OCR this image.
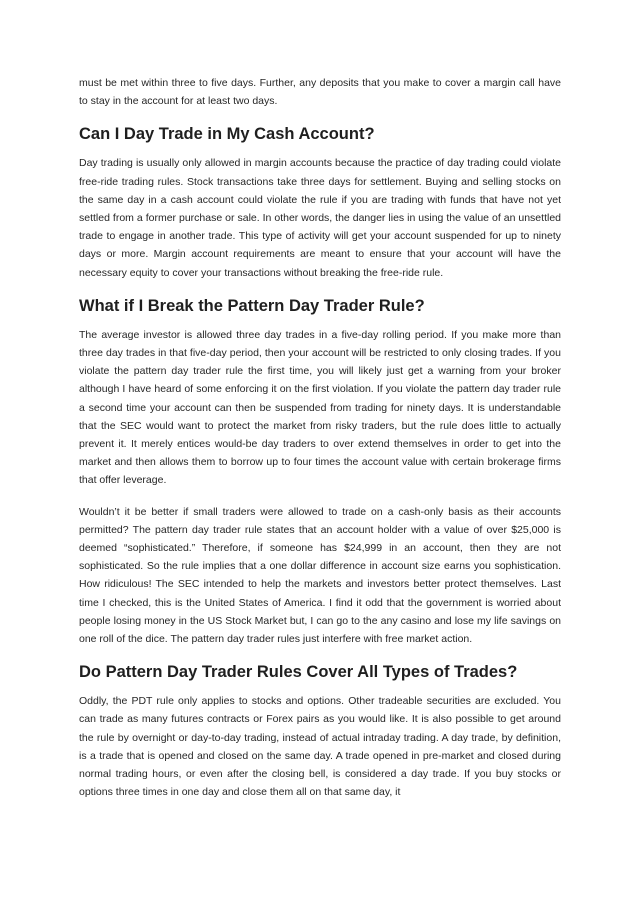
must be met within three to five days. Further, any deposits that you make to cover a margin call have to stay in the account for at least two days.

Can I Day Trade in My Cash Account?

Day trading is usually only allowed in margin accounts because the practice of day trading could violate free-ride trading rules. Stock transactions take three days for settlement. Buying and selling stocks on the same day in a cash account could violate the rule if you are trading with funds that have not yet settled from a former purchase or sale. In other words, the danger lies in using the value of an unsettled trade to engage in another trade. This type of activity will get your account suspended for up to ninety days or more. Margin account requirements are meant to ensure that your account will have the necessary equity to cover your transactions without breaking the free-ride rule.

What if I Break the Pattern Day Trader Rule?

The average investor is allowed three day trades in a five-day rolling period. If you make more than three day trades in that five-day period, then your account will be restricted to only closing trades. If you violate the pattern day trader rule the first time, you will likely just get a warning from your broker although I have heard of some enforcing it on the first violation. If you violate the pattern day trader rule a second time your account can then be suspended from trading for ninety days. It is understandable that the SEC would want to protect the market from risky traders, but the rule does little to actually prevent it. It merely entices would-be day traders to over extend themselves in order to get into the market and then allows them to borrow up to four times the account value with certain brokerage firms that offer leverage.

Wouldn’t it be better if small traders were allowed to trade on a cash-only basis as their accounts permitted? The pattern day trader rule states that an account holder with a value of over $25,000 is deemed “sophisticated.” Therefore, if someone has $24,999 in an account, then they are not sophisticated. So the rule implies that a one dollar difference in account size earns you sophistication. How ridiculous! The SEC intended to help the markets and investors better protect themselves. Last time I checked, this is the United States of America. I find it odd that the government is worried about people losing money in the US Stock Market but, I can go to the any casino and lose my life savings on one roll of the dice. The pattern day trader rules just interfere with free market action.

Do Pattern Day Trader Rules Cover All Types of Trades?

Oddly, the PDT rule only applies to stocks and options. Other tradeable securities are excluded. You can trade as many futures contracts or Forex pairs as you would like. It is also possible to get around the rule by overnight or day-to-day trading, instead of actual intraday trading. A day trade, by definition, is a trade that is opened and closed on the same day. A trade opened in pre-market and closed during normal trading hours, or even after the closing bell, is considered a day trade. If you buy stocks or options three times in one day and close them all on that same day, it
